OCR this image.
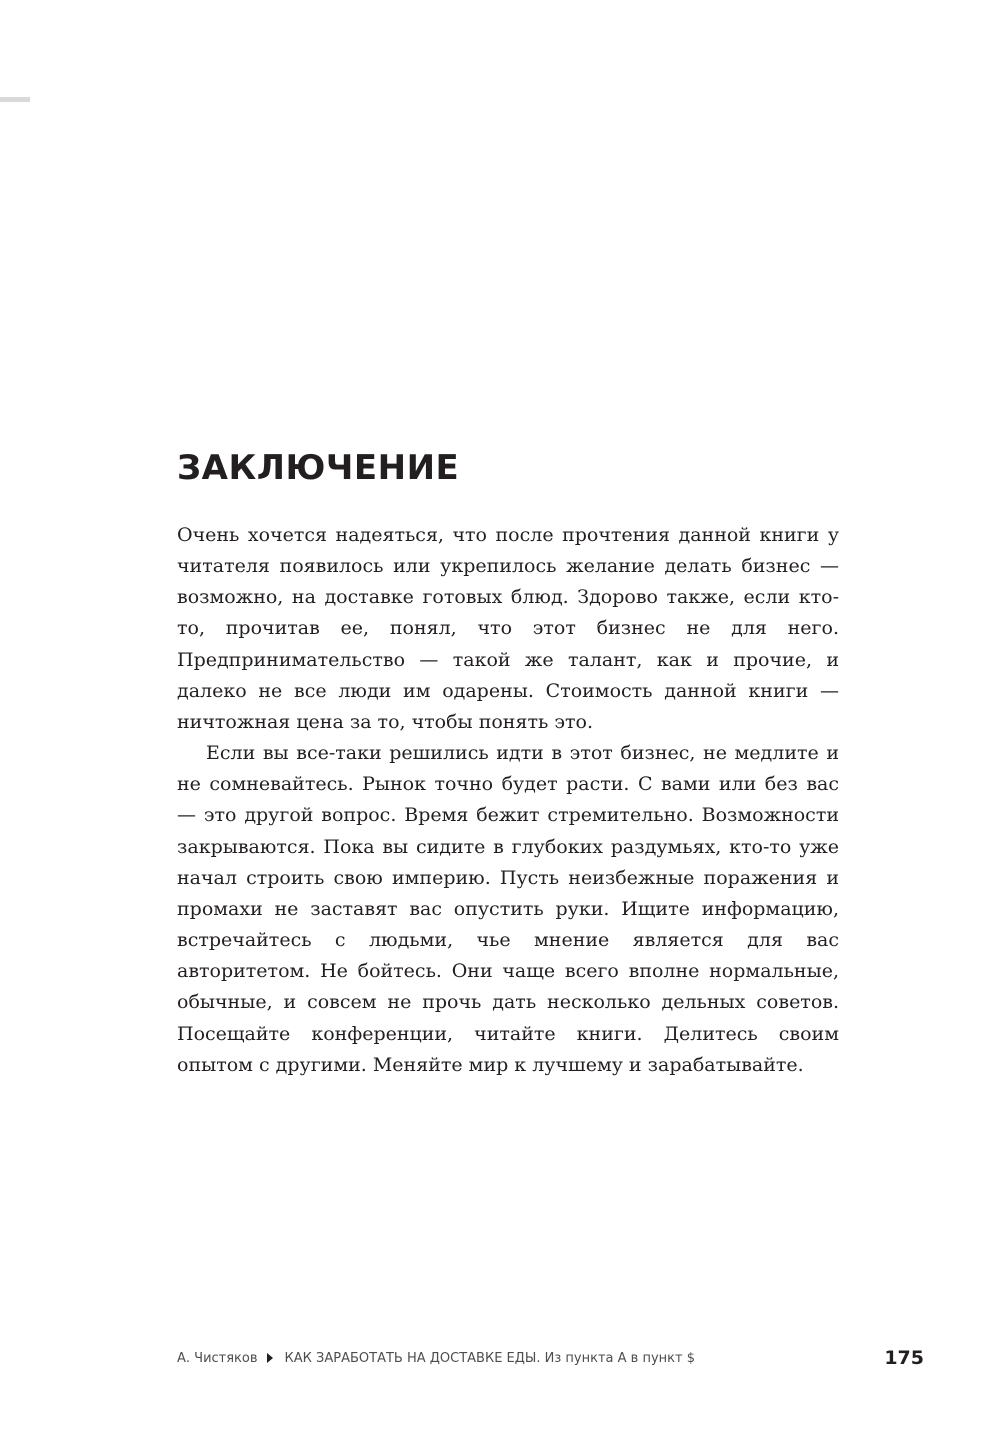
ЗАКЛЮЧЕНИЕ

Очень хочется надеяться, что после прочтения данной книги у читателя появилось или укрепилось желание делать бизнес — возможно, на доставке готовых блюд. Здорово также, если кто-то, прочитав ее, понял, что этот бизнес не для него. Предпринимательство — такой же талант, как и прочие, и далеко не все люди им одарены. Стоимость данной книги — ничтожная цена за то, чтобы понять это.

Если вы все-таки решились идти в этот бизнес, не медлите и не сомневайтесь. Рынок точно будет расти. С вами или без вас — это другой вопрос. Время бежит стремительно. Возможности закрываются. Пока вы сидите в глубоких раздумьях, кто-то уже начал строить свою империю. Пусть неизбежные поражения и промахи не заставят вас опустить руки. Ищите информацию, встречайтесь с людьми, чье мнение является для вас авторитетом. Не бойтесь. Они чаще всего вполне нормальные, обычные, и совсем не прочь дать несколько дельных советов. Посещайте конференции, читайте книги. Делитесь своим опытом с другими. Меняйте мир к лучшему и зарабатывайте.

А. Чистяков КАК ЗАРАБОТАТЬ НА ДОСТАВКЕ ЕДЫ. Из пункта А в пункт $	175
